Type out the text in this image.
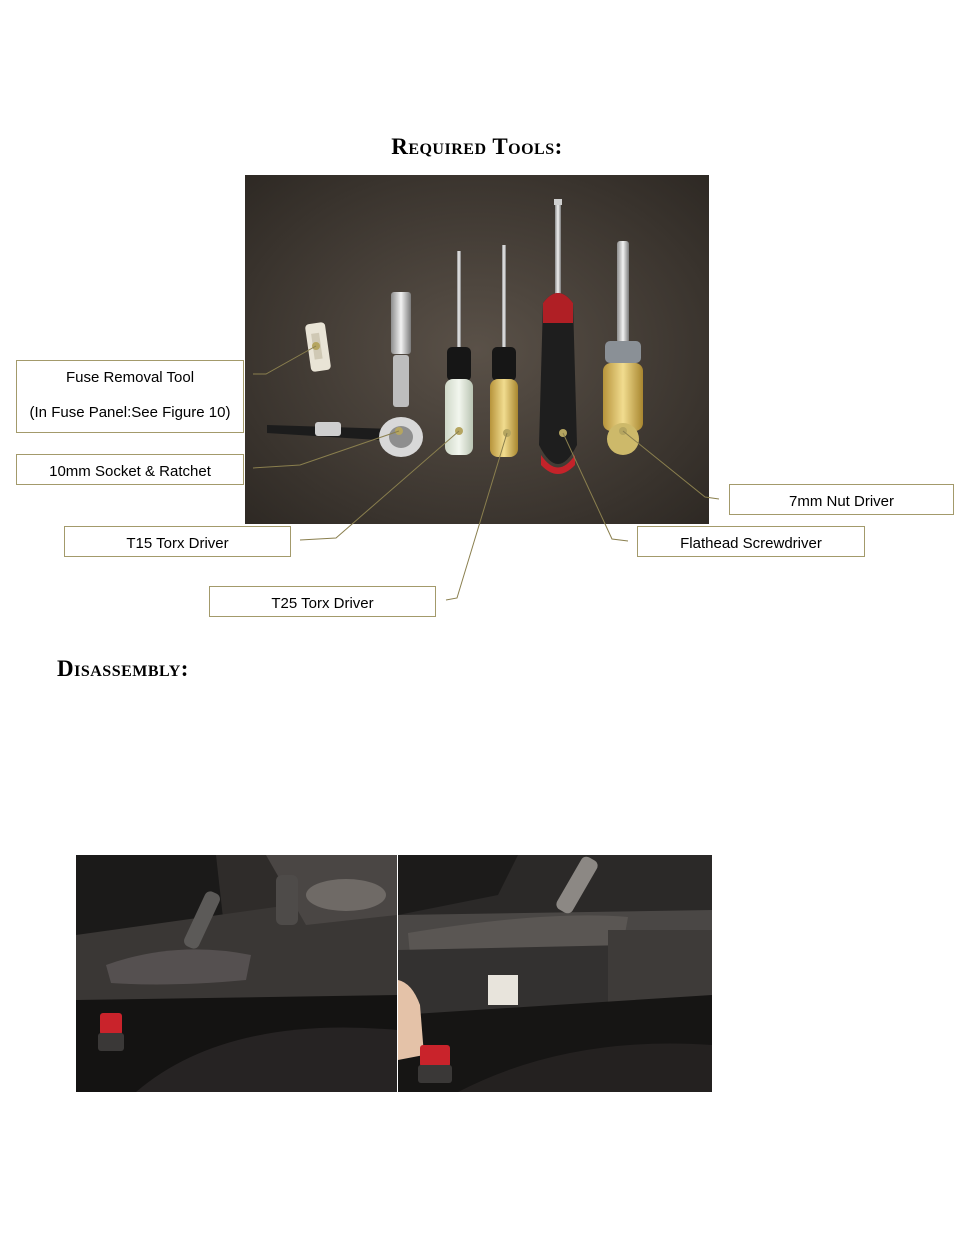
Required Tools:
Fuse Removal Tool
(In Fuse Panel:See Figure 10)
10mm Socket & Ratchet
T15 Torx Driver
T25 Torx Driver
Flathead Screwdriver
7mm Nut Driver
Disassembly:
